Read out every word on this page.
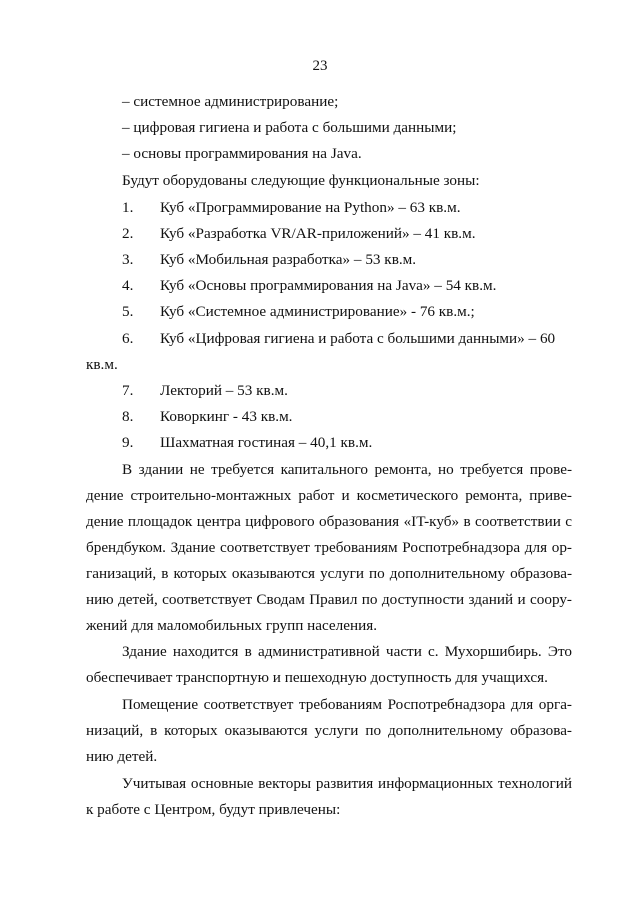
23
– системное администрирование;
– цифровая гигиена и работа с большими данными;
– основы программирования на Java.
Будут оборудованы следующие функциональные зоны:
1.	Куб «Программирование на Python» – 63 кв.м.
2.	Куб «Разработка VR/AR-приложений» – 41 кв.м.
3.	Куб «Мобильная разработка» – 53 кв.м.
4.	Куб «Основы программирования на Java» – 54 кв.м.
5.	Куб «Системное администрирование» - 76 кв.м.;
6.	Куб «Цифровая гигиена и работа с большими данными» – 60
кв.м.
7.	Лекторий – 53 кв.м.
8.	Коворкинг - 43 кв.м.
9.	Шахматная гостиная – 40,1 кв.м.
В здании не требуется капитального ремонта, но требуется прове-
дение строительно-монтажных работ и косметического ремонта, приве-
дение площадок центра цифрового образования «IT-куб» в соответствии с
брендбуком. Здание соответствует требованиям Роспотребнадзора для ор-
ганизаций, в которых оказываются услуги по дополнительному образова-
нию детей, соответствует Сводам Правил по доступности зданий и соору-
жений для маломобильных групп населения.
Здание находится в административной части с. Мухоршибирь. Это
обеспечивает транспортную и пешеходную доступность для учащихся.
Помещение соответствует требованиям Роспотребнадзора для орга-
низаций, в которых оказываются услуги по дополнительному образова-
нию детей.
Учитывая основные векторы развития информационных технологий
к работе с Центром, будут привлечены:
